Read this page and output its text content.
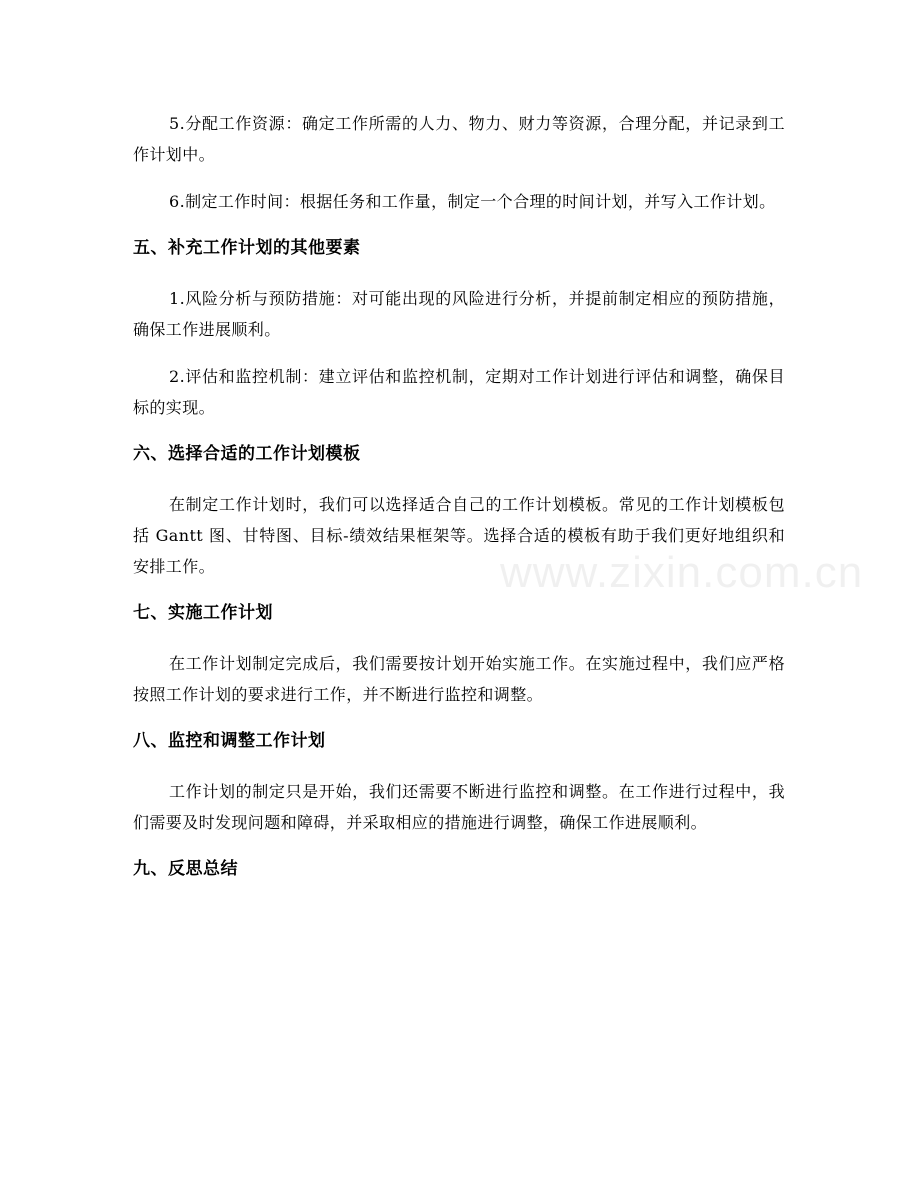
www.zixin.com.cn

5.分配工作资源：确定工作所需的人力、物力、财力等资源，合理分配，并记录到工作计划中。

6.制定工作时间：根据任务和工作量，制定一个合理的时间计划，并写入工作计划。

五、补充工作计划的其他要素

1.风险分析与预防措施：对可能出现的风险进行分析，并提前制定相应的预防措施，确保工作进展顺利。

2.评估和监控机制：建立评估和监控机制，定期对工作计划进行评估和调整，确保目标的实现。

六、选择合适的工作计划模板

在制定工作计划时，我们可以选择适合自己的工作计划模板。常见的工作计划模板包括 Gantt 图、甘特图、目标-绩效结果框架等。选择合适的模板有助于我们更好地组织和安排工作。

七、实施工作计划

在工作计划制定完成后，我们需要按计划开始实施工作。在实施过程中，我们应严格按照工作计划的要求进行工作，并不断进行监控和调整。

八、监控和调整工作计划

工作计划的制定只是开始，我们还需要不断进行监控和调整。在工作进行过程中，我们需要及时发现问题和障碍，并采取相应的措施进行调整，确保工作进展顺利。

九、反思总结
